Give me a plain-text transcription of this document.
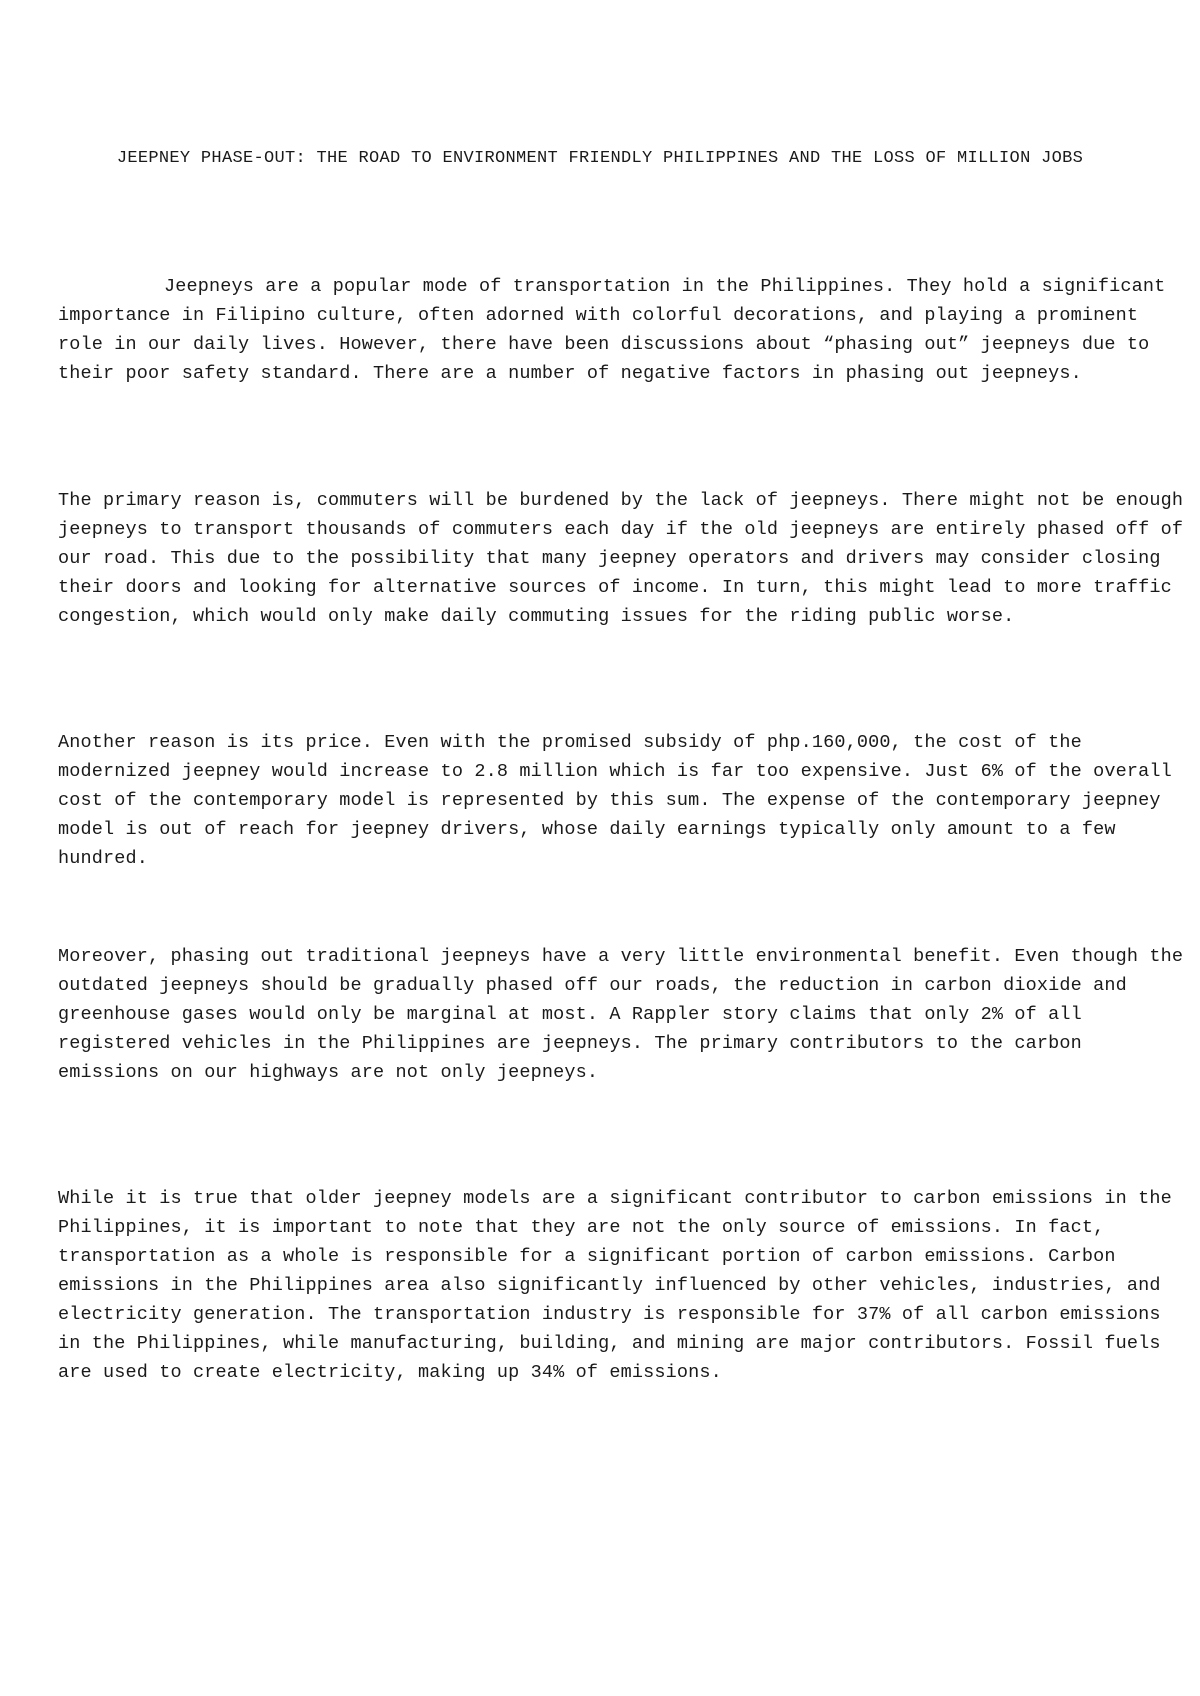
JEEPNEY PHASE-OUT: THE ROAD TO ENVIRONMENT FRIENDLY PHILIPPINES AND THE LOSS OF MILLION JOBS

Jeepneys are a popular mode of transportation in the Philippines. They hold a significant importance in Filipino culture, often adorned with colorful decorations, and playing a prominent role in our daily lives. However, there have been discussions about “phasing out” jeepneys due to their poor safety standard. There are a number of negative factors in phasing out jeepneys.

The primary reason is, commuters will be burdened by the lack of jeepneys. There might not be enough jeepneys to transport thousands of commuters each day if the old jeepneys are entirely phased off of our road. This due to the possibility that many jeepney operators and drivers may consider closing their doors and looking for alternative sources of income. In turn, this might lead to more traffic congestion, which would only make daily commuting issues for the riding public worse.

Another reason is its price. Even with the promised subsidy of php.160,000, the cost of the modernized jeepney would increase to 2.8 million which is far too expensive. Just 6% of the overall cost of the contemporary model is represented by this sum. The expense of the contemporary jeepney model is out of reach for jeepney drivers, whose daily earnings typically only amount to a few hundred.

Moreover, phasing out traditional jeepneys have a very little environmental benefit. Even though the outdated jeepneys should be gradually phased off our roads, the reduction in carbon dioxide and greenhouse gases would only be marginal at most. A Rappler story claims that only 2% of all registered vehicles in the Philippines are jeepneys. The primary contributors to the carbon emissions on our highways are not only jeepneys.

While it is true that older jeepney models are a significant contributor to carbon emissions in the Philippines, it is important to note that they are not the only source of emissions. In fact, transportation as a whole is responsible for a significant portion of carbon emissions. Carbon emissions in the Philippines area also significantly influenced by other vehicles, industries, and electricity generation. The transportation industry is responsible for 37% of all carbon emissions in the Philippines, while manufacturing, building, and mining are major contributors. Fossil fuels are used to create electricity, making up 34% of emissions.
